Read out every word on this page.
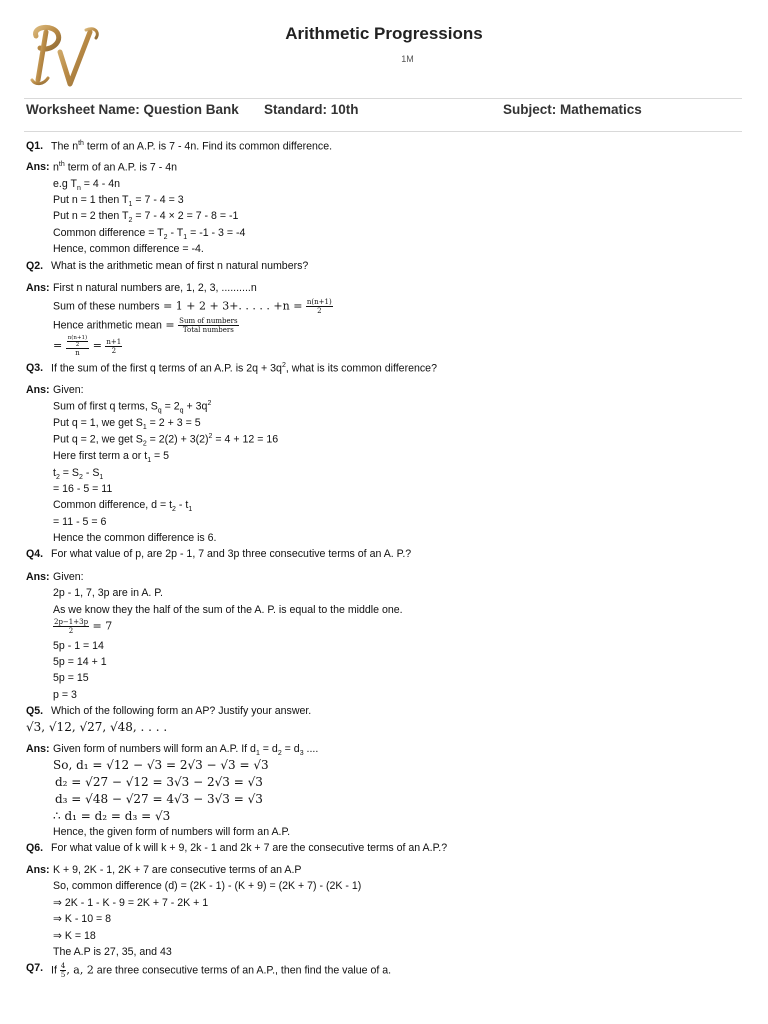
Arithmetic Progressions
1M
Worksheet Name: Question Bank Standard: 10th	Subject: Mathematics
Q1. The $n^{th}$ term of an A.P. is 7 - 4n. Find its common difference.
Ans: $n^{th}$ term of an A.P. is 7 - 4n
e.g $T_n = 4 - 4n$
Put n = 1 then $T_1 = 7 - 4 = 3$
Put n = 2 then $T_2 = 7 - 4 \times 2 = 7 - 8 = -1$
Common difference = $T_2 - T_1 = -1 - 3 = -4$
Hence, common difference = -4.
Q2. What is the arithmetic mean of first n natural numbers?
Ans: First n natural numbers are, 1, 2, 3, ..........n
Sum of these numbers = 1 + 2 + 3+. . . . . $+n = \frac{n(n+1)}{2}$
Hence arithmetic mean = $\frac{\text{Sum of numbers}}{\text{Total numbers}}$
= $\frac{\frac{n(n+1)}{2}}{n} = \frac{n+1}{2}$
Q3. If the sum of the first q terms of an A.P. is $2q + 3q^2$, what is its common difference?
Ans: Given:
Sum of first q terms, $S_q = 2_q + 3q^2$
Put q = 1, we get $S_1 = 2 + 3 = 5$
Put q = 2, we get $S_2 = 2(2) + 3(2)^2 = 4 + 12 = 16$
Here first term a or $t_1 = 5$
$t_2 = S_2 - S_1$
= 16 - 5 = 11
Common difference, $d = t_2 - t_1$
= 11 - 5 = 6
Hence the common difference is 6.
Q4. For what value of p, are 2p - 1, 7 and 3p three consecutive terms of an A. P.?
Ans: Given:
2p - 1, 7, 3p are in A. P.
As we know they the half of the sum of the A. P. is equal to the middle one.
$\frac{2p-1+3p}{2} = 7$
5p - 1 = 14
5p = 14 + 1
5p = 15
p = 3
Q5. Which of the following form an AP? Justify your answer.
√3, √12, √27, √48, . . . .
Ans: Given form of numbers will form an A.P. If $d_1 = d_2 = d_3$ ....
So, d₁ = √12 − √3 = 2√3 − √3 = √3
d₂ = √27 − √12 = 3√3 − 2√3 = √3
d₃ = √48 − √27 = 4√3 − 3√3 = √3
∴ d₁ = d₂ = d₃ = √3
Hence, the given form of numbers will form an A.P.
Q6. For what value of k will k + 9, 2k - 1 and 2k + 7 are the consecutive terms of an A.P.?
Ans: K + 9, 2K - 1, 2K + 7 are consecutive terms of an A.P
So, common difference (d) = (2K - 1) - (K + 9) = (2K + 7) - (2K - 1)
⇒ 2K - 1 - K - 9 = 2K + 7 - 2K + 1
⇒ K - 10 = 8
⇒ K = 18
The A.P is 27, 35, and 43
Q7. If $\frac{4}{5}$ , a, 2 are three consecutive terms of an A.P., then find the value of a.
